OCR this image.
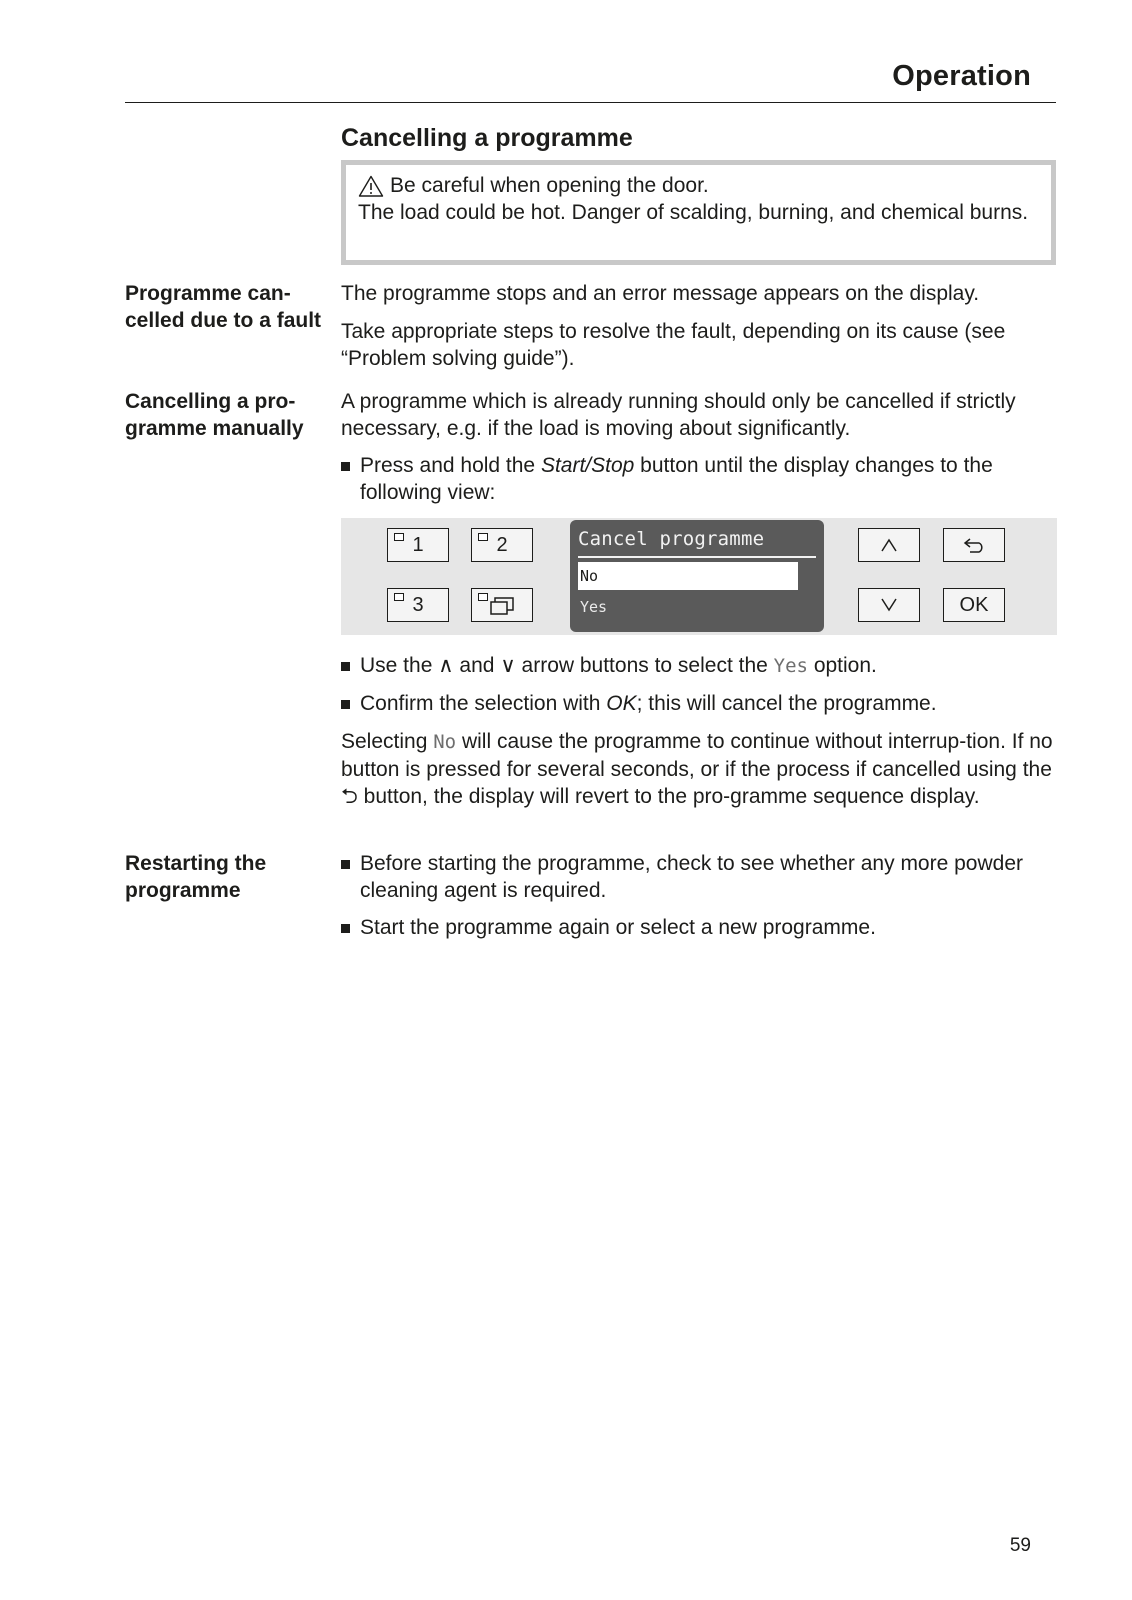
Operation
Cancelling a programme
Be careful when opening the door.
The load could be hot. Danger of scalding, burning, and chemical burns.
Programme can-celled due to a fault
The programme stops and an error message appears on the display.
Take appropriate steps to resolve the fault, depending on its cause (see “Problem solving guide”).
Cancelling a pro-gramme manually
A programme which is already running should only be cancelled if strictly necessary, e.g. if the load is moving about significantly.
Press and hold the Start/Stop button until the display changes to the following view:
1	2
3
Cancel programme
No
Yes	OK
Use the ∧ and ∨ arrow buttons to select the Yes option.
Confirm the selection with OK; this will cancel the programme.
Selecting No will cause the programme to continue without interrup-tion. If no button is pressed for several seconds, or if the process if cancelled using the ⮌ button, the display will revert to the pro-gramme sequence display.
Restarting the programme
Before starting the programme, check to see whether any more powder cleaning agent is required.
Start the programme again or select a new programme.
59
